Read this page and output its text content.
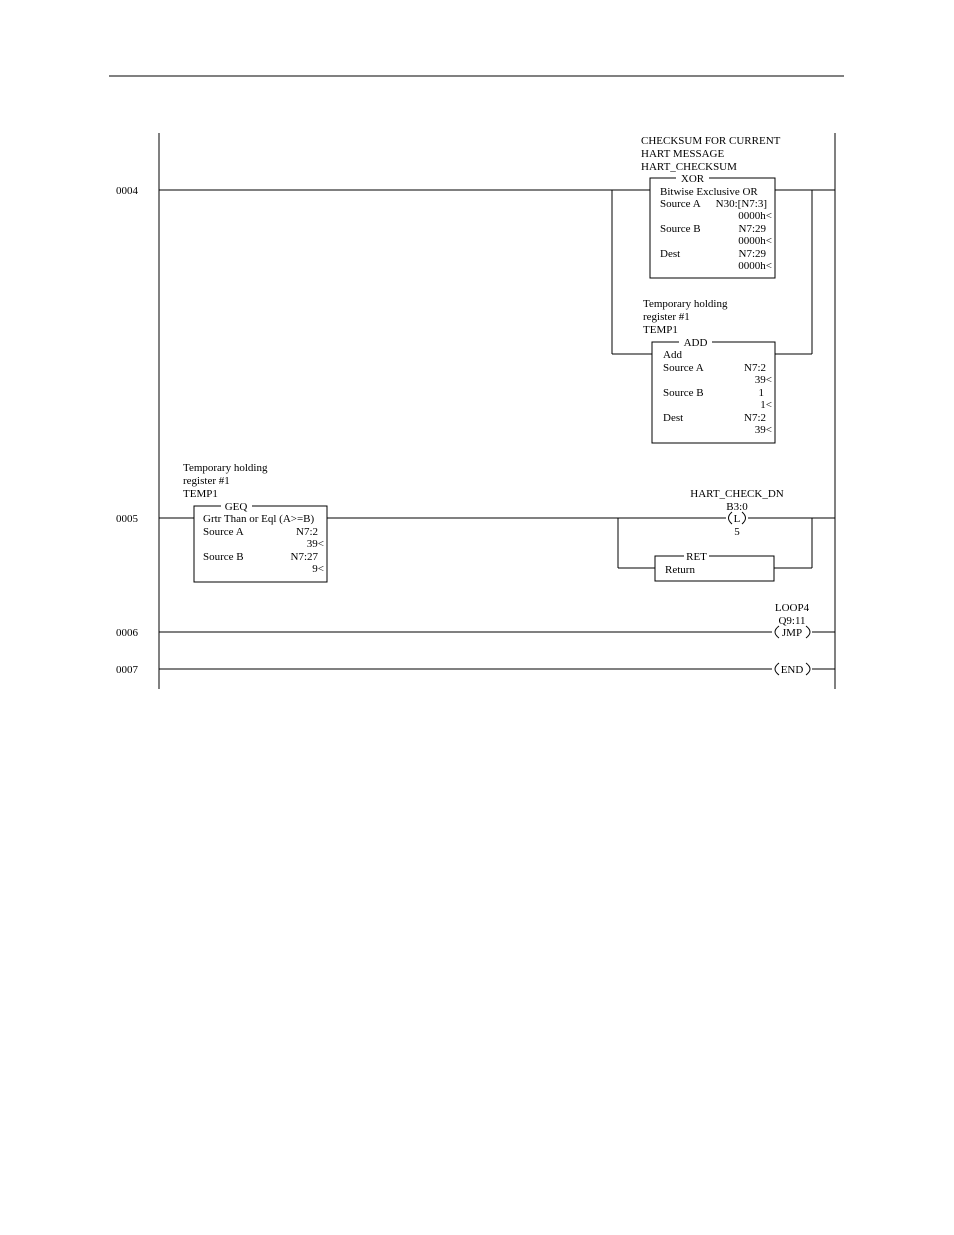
0004
CHECKSUM FOR CURRENT
HART MESSAGE
HART_CHECKSUM
XOR
Bitwise Exclusive OR
Source A N30:[N7:3]
0000h<
Source B	N7:29
0000h<
Dest	N7:29
0000h<
Temporary holding
register #1
TEMP1
ADD
Add
Source A	N7:2
39<
Source B	1
1<
Dest	N7:2
39<
0005
Temporary holding
register #1
TEMP1
GEQ
Grtr Than or Eql (A>=B)
Source A	N7:2
39<
Source B	N7:27
9<
HART_CHECK_DN
B3:0
L
5
RET
Return
0006
LOOP4
Q9:11
JMP
0007	END
